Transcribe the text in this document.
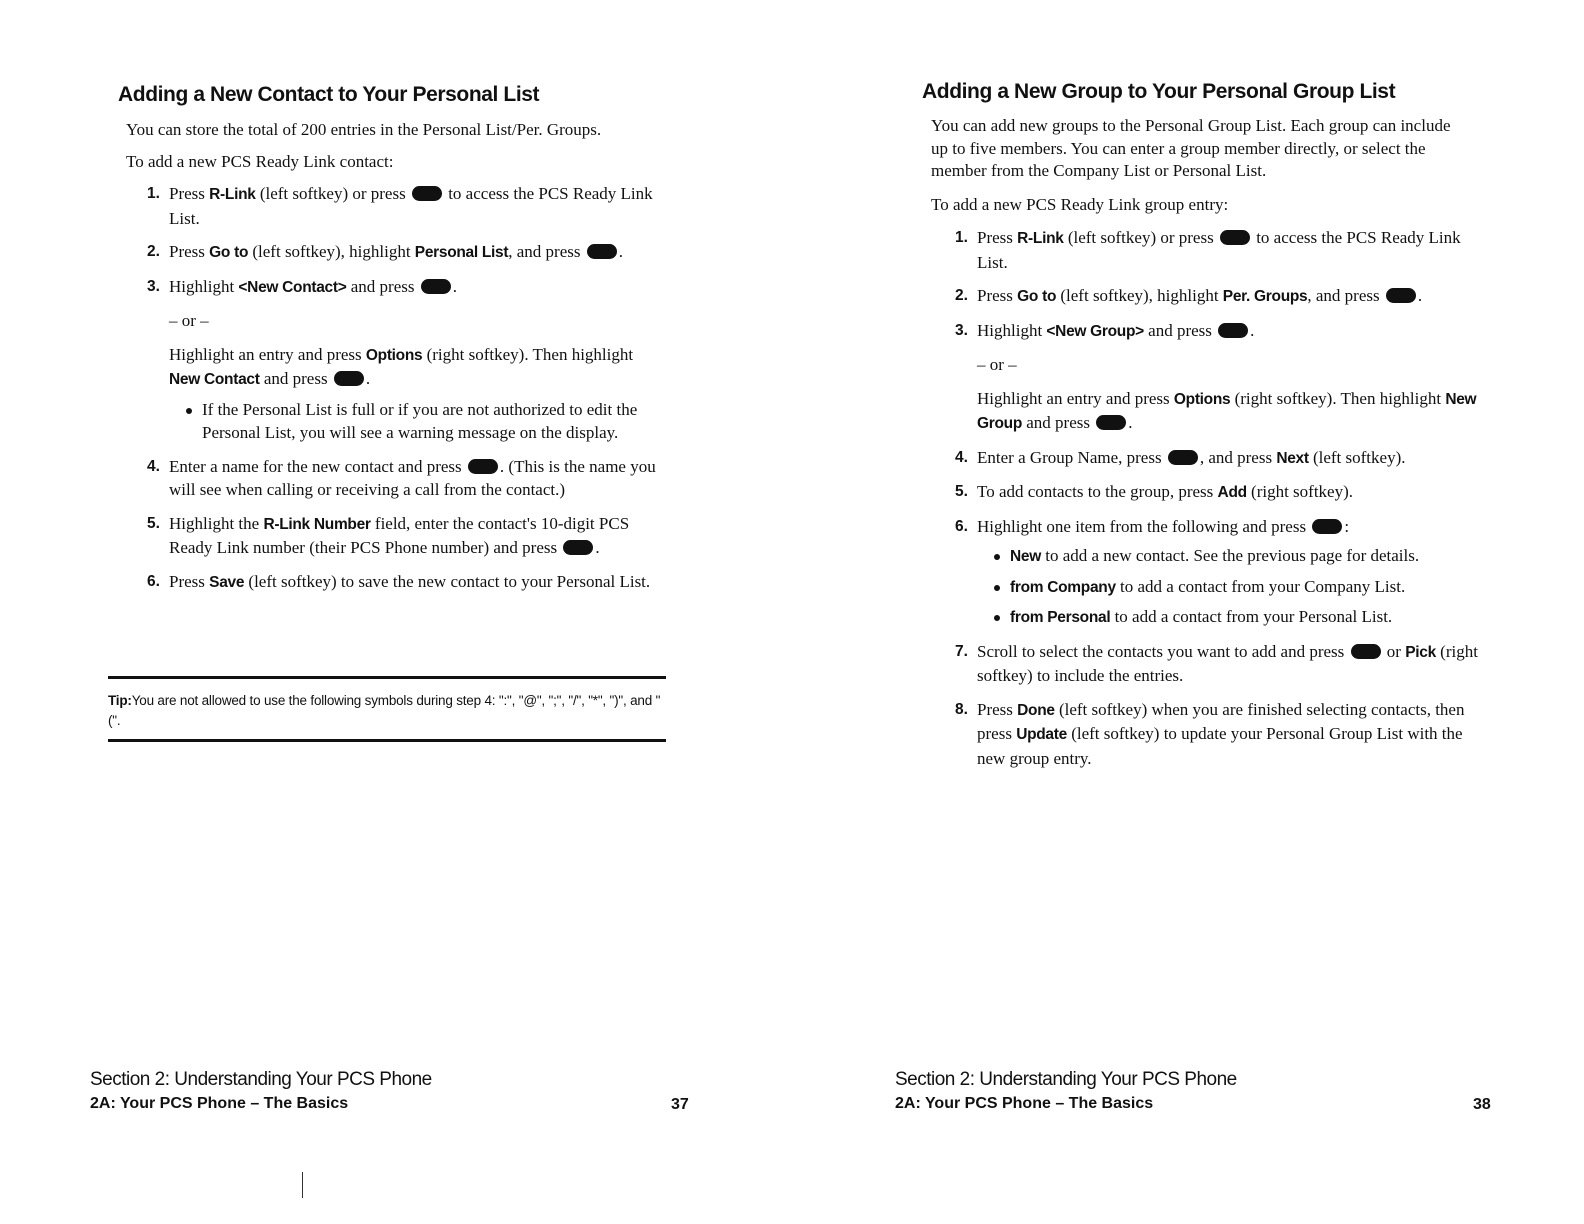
Adding a New Contact to Your Personal List

You can store the total of 200 entries in the Personal List/Per. Groups.

To add a new PCS Ready Link contact:

1. Press R-Link (left softkey) or press  to access the PCS Ready Link List.
2. Press Go to (left softkey), highlight Personal List, and press .
3. Highlight <New Contact> and press .
– or –
Highlight an entry and press Options (right softkey). Then highlight New Contact and press .
If the Personal List is full or if you are not authorized to edit the Personal List, you will see a warning message on the display.
4. Enter a name for the new contact and press . (This is the name you will see when calling or receiving a call from the contact.)
5. Highlight the R-Link Number field, enter the contact's 10-digit PCS Ready Link number (their PCS Phone number) and press .
6. Press Save (left softkey) to save the new contact to your Personal List.
Tip:You are not allowed to use the following symbols during step 4: ":", "@", ";", "/", "*", ")", and "(".
Section 2: Understanding Your PCS Phone
2A: Your PCS Phone – The Basics	37
Adding a New Group to Your Personal Group List

You can add new groups to the Personal Group List. Each group can include up to five members. You can enter a group member directly, or select the member from the Company List or Personal List.

To add a new PCS Ready Link group entry:

1. Press R-Link (left softkey) or press  to access the PCS Ready Link List.
2. Press Go to (left softkey), highlight Per. Groups, and press .
3. Highlight <New Group> and press .
– or –
Highlight an entry and press Options (right softkey). Then highlight New Group and press .
4. Enter a Group Name, press , and press Next (left softkey).
5. To add contacts to the group, press Add (right softkey).
6. Highlight one item from the following and press :
New to add a new contact. See the previous page for details.
from Company to add a contact from your Company List.
from Personal to add a contact from your Personal List.
7. Scroll to select the contacts you want to add and press  or Pick (right softkey) to include the entries.
8. Press Done (left softkey) when you are finished selecting contacts, then press Update (left softkey) to update your Personal Group List with the new group entry.
Section 2: Understanding Your PCS Phone
2A: Your PCS Phone – The Basics	38
